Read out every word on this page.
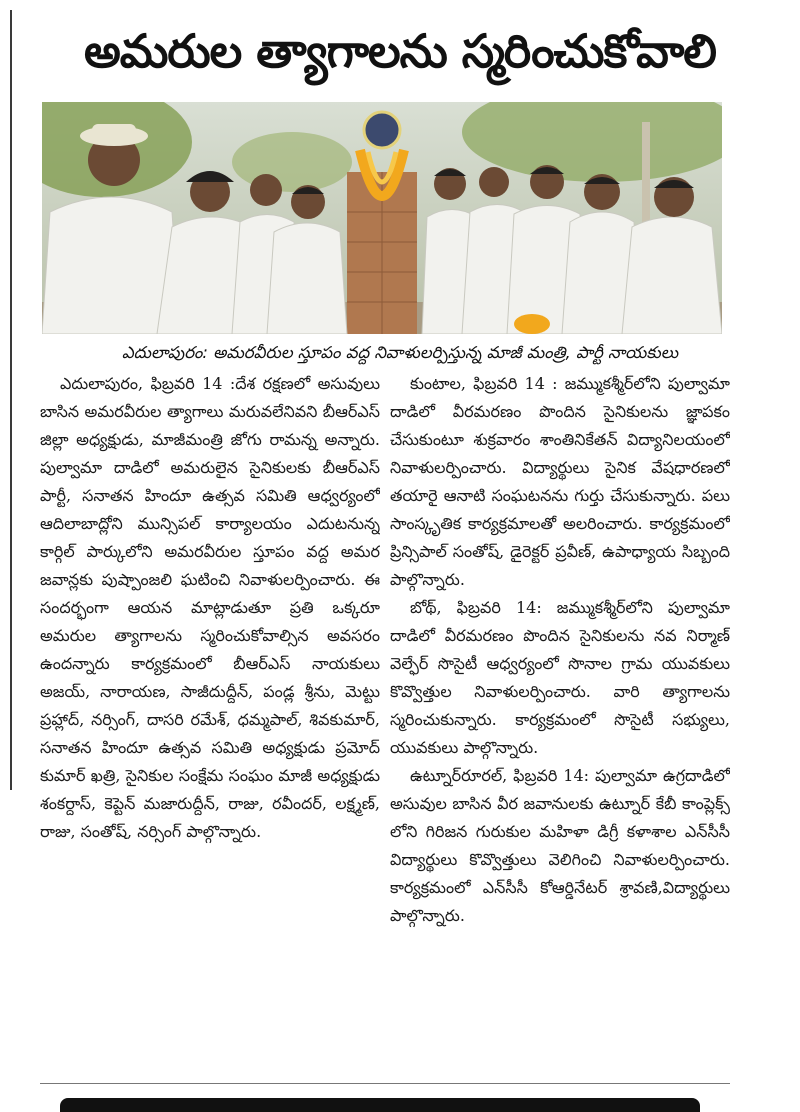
అమరుల త్యాగాలను స్మరించుకోవాలి
ఎదులాపురం: అమరవీరుల స్తూపం వద్ద నివాళులర్పిస్తున్న మాజీ మంత్రి, పార్టీ నాయకులు

ఎదులాపురం, ఫిబ్రవరి 14 :దేశ రక్షణలో అసువులు బాసిన అమరవీరుల త్యాగాలు మరువలేనివని బీఆర్ఎస్ జిల్లా అధ్యక్షుడు, మాజీమంత్రి జోగు రామన్న అన్నారు. పుల్వామా దాడిలో అమరులైన సైనికులకు బీఆర్ఎస్ పార్టీ, సనాతన హిందూ ఉత్సవ సమితి ఆధ్వర్యంలో ఆదిలాబాద్లోని మున్సిపల్ కార్యాలయం ఎదుటనున్న కార్గిల్ పార్కులోని అమరవీరుల స్తూపం వద్ద అమర జవాన్లకు పుష్పాంజలి ఘటించి నివాళులర్పించారు. ఈ సందర్భంగా ఆయన మాట్లాడుతూ ప్రతి ఒక్కరూ అమరుల త్యాగాలను స్మరించుకోవాల్సిన అవసరం ఉందన్నారు కార్యక్రమంలో బీఆర్ఎస్ నాయకులు అజయ్, నారాయణ, సాజీదుద్దీన్, పండ్ల శ్రీను, మెట్టు ప్రహ్లాద్, నర్సింగ్, దాసరి రమేశ్, ధమ్మపాల్, శివకుమార్, సనాతన హిందూ ఉత్సవ సమితి అధ్యక్షుడు ప్రమోద్ కుమార్ ఖత్రి, సైనికుల సంక్షేమ సంఘం మాజీ అధ్యక్షుడు శంకర్దాస్, కెప్టెన్ మజారుద్దీన్, రాజు, రవీందర్, లక్ష్మణ్, రాజు, సంతోష్, నర్సింగ్ పాల్గొన్నారు.

కుంటాల, ఫిబ్రవరి 14 : జమ్ముకశ్మీర్‌లోని పుల్వామా దాడిలో వీరమరణం పొందిన సైనికులను జ్ఞాపకం చేసుకుంటూ శుక్రవారం శాంతినికేతన్ విద్యానిలయంలో నివాళులర్పించారు. విద్యార్థులు సైనిక వేషధారణలో తయారై ఆనాటి సంఘటనను గుర్తు చేసుకున్నారు. పలు సాంస్కృతిక కార్యక్రమాలతో అలరించారు. కార్యక్రమంలో ప్రిన్సిపాల్ సంతోష్, డైరెక్టర్ ప్రవీణ్, ఉపాధ్యాయ సిబ్బంది పాల్గొన్నారు.

బోథ్, ఫిబ్రవరి 14: జమ్ముకశ్మీర్‌లోని పుల్వామా దాడిలో వీరమరణం పొందిన సైనికులను నవ నిర్మాణ్ వెల్ఫేర్ సొసైటీ ఆధ్వర్యంలో సొనాల గ్రామ యువకులు కొవ్వొత్తుల నివాళులర్పించారు. వారి త్యాగాలను స్మరించుకున్నారు. కార్యక్రమంలో సొసైటీ సభ్యులు, యువకులు పాల్గొన్నారు.

ఉట్నూర్‌రూరల్, ఫిబ్రవరి 14: పుల్వామా ఉగ్రదాడిలో అసువుల బాసిన వీర జవానులకు ఉట్నూర్ కేబీ కాంప్లెక్స్ లోని గిరిజన గురుకుల మహిళా డిగ్రీ కళాశాల ఎన్‌సీసీ విద్యార్థులు కొవ్వొత్తులు వెలిగించి నివాళులర్పించారు. కార్యక్రమంలో ఎన్‌సీసీ కోఆర్డినేటర్ శ్రావణి,విద్యార్థులు పాల్గొన్నారు.
